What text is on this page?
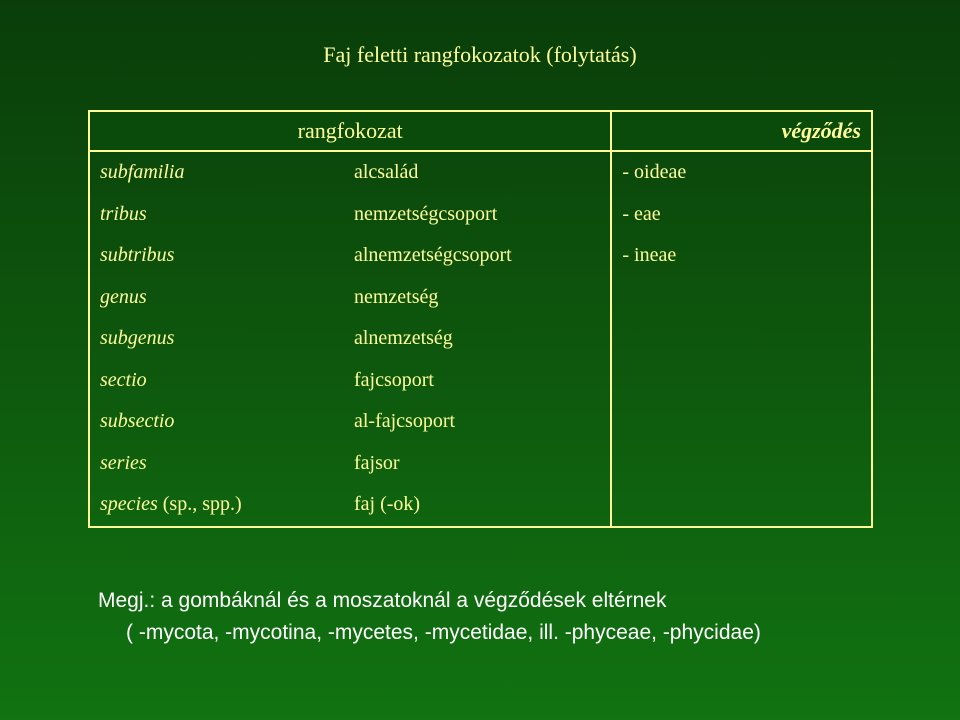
Faj feletti rangfokozatok (folytatás)
rangfokozat		végződés
subfamilia	alcsalád	- oideae
tribus	nemzetségcsoport	- eae
subtribus	alnemzetségcsoport	- ineae
genus	nemzetség	
subgenus	alnemzetség	
sectio	fajcsoport	
subsectio	al-fajcsoport	
series	fajsor	
species (sp., spp.)	faj (-ok)	
Megj.: a gombáknál és a moszatoknál a végződések eltérnek
( -mycota, -mycotina, -mycetes, -mycetidae, ill. -phyceae, -phycidae)
